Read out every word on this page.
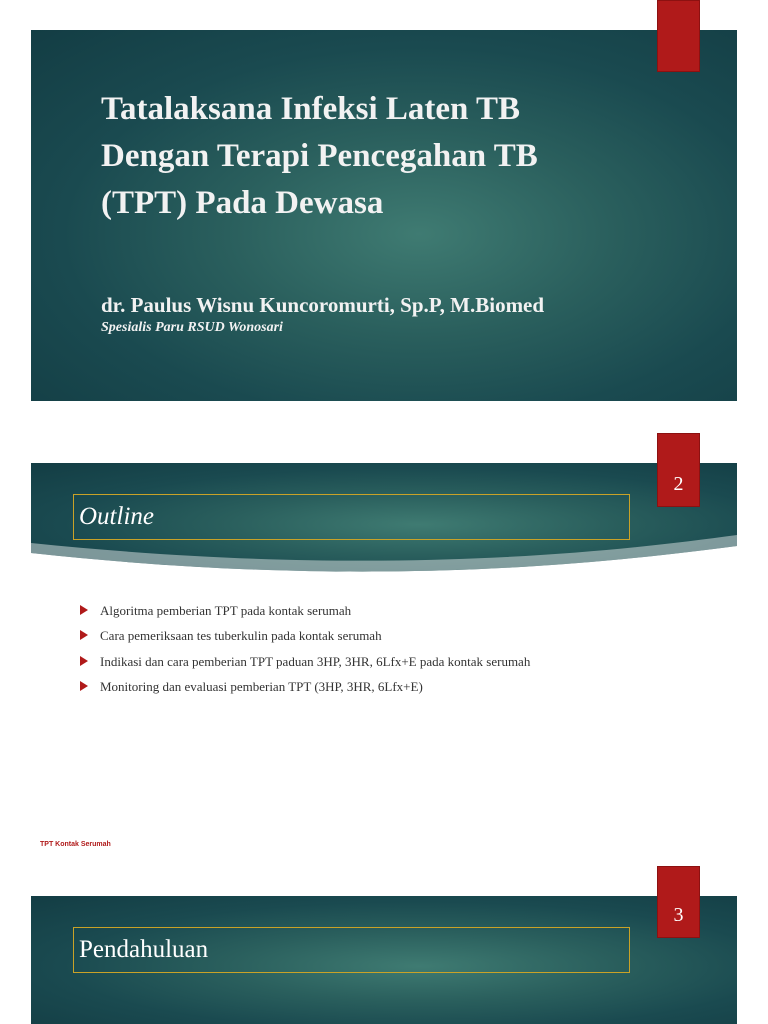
Tatalaksana Infeksi Laten TB
Dengan Terapi Pencegahan TB
(TPT) Pada Dewasa
dr. Paulus Wisnu Kuncoromurti, Sp.P, M.Biomed
Spesialis Paru RSUD Wonosari
2
Outline
Algoritma pemberian TPT pada kontak serumah
Cara pemeriksaan tes tuberkulin pada kontak serumah
Indikasi dan cara pemberian TPT paduan 3HP, 3HR, 6Lfx+E pada kontak serumah
Monitoring dan evaluasi pemberian TPT (3HP, 3HR, 6Lfx+E)
TPT Kontak Serumah
3
Pendahuluan
